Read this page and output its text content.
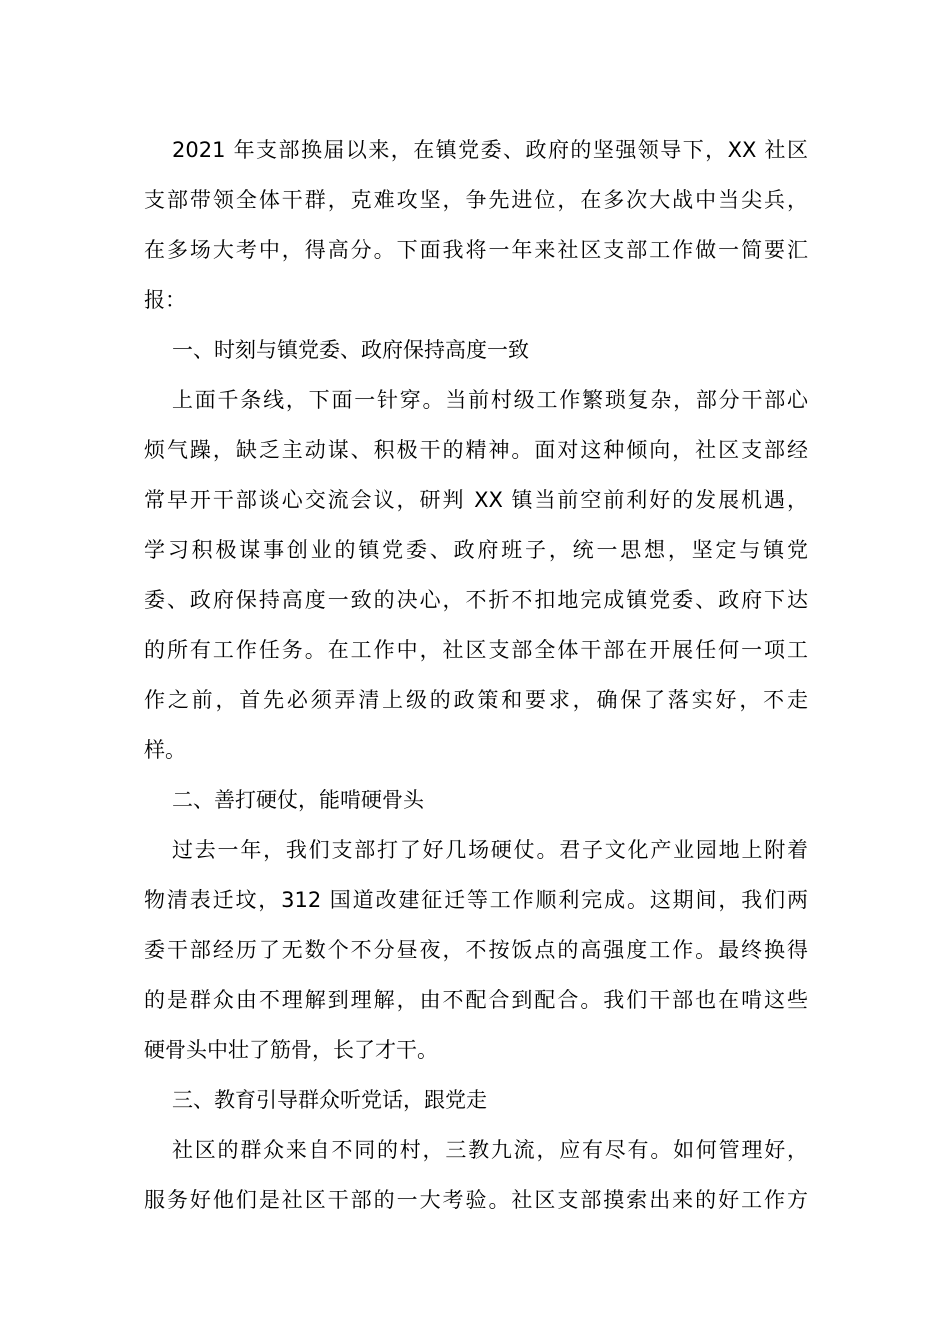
2021 年支部换届以来，在镇党委、政府的坚强领导下，XX 社区
支部带领全体干群，克难攻坚，争先进位，在多次大战中当尖兵，
在多场大考中，得高分。下面我将一年来社区支部工作做一简要汇
报：
一、时刻与镇党委、政府保持高度一致
上面千条线，下面一针穿。当前村级工作繁琐复杂，部分干部心
烦气躁，缺乏主动谋、积极干的精神。面对这种倾向，社区支部经
常早开干部谈心交流会议，研判 XX 镇当前空前利好的发展机遇，
学习积极谋事创业的镇党委、政府班子，统一思想，坚定与镇党
委、政府保持高度一致的决心，不折不扣地完成镇党委、政府下达
的所有工作任务。在工作中，社区支部全体干部在开展任何一项工
作之前，首先必须弄清上级的政策和要求，确保了落实好，不走
样。
二、善打硬仗，能啃硬骨头
过去一年，我们支部打了好几场硬仗。君子文化产业园地上附着
物清表迁坟，312 国道改建征迁等工作顺利完成。这期间，我们两
委干部经历了无数个不分昼夜，不按饭点的高强度工作。最终换得
的是群众由不理解到理解，由不配合到配合。我们干部也在啃这些
硬骨头中壮了筋骨，长了才干。
三、教育引导群众听党话，跟党走
社区的群众来自不同的村，三教九流，应有尽有。如何管理好，
服务好他们是社区干部的一大考验。社区支部摸索出来的好工作方
